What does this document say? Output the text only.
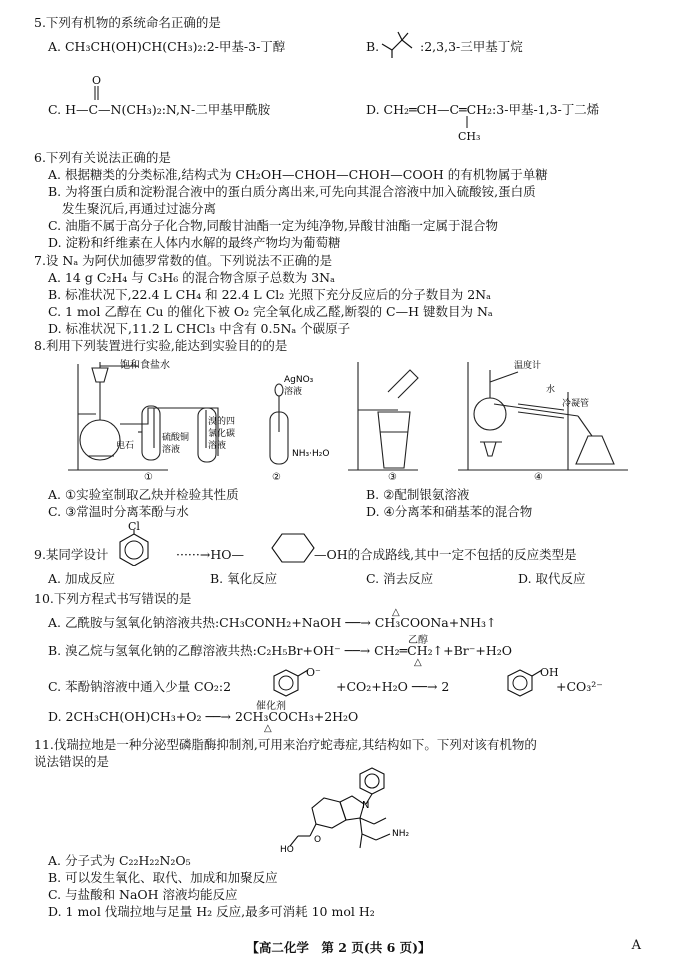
5.下列有机物的系统命名正确的是
A. CH₃CH(OH)CH(CH₃)₂:2-甲基-3-丁醇	B.	:2,3,3-三甲基丁烷
O
C. H—C—N(CH₃)₂:N,N-二甲基甲酰胺	D. CH₂═CH—C═CH₂:3-甲基-1,3-丁二烯
CH₃
6.下列有关说法正确的是
A. 根据糖类的分类标准,结构式为 CH₂OH—CHOH—CHOH—COOH 的有机物属于单糖
B. 为将蛋白质和淀粉混合液中的蛋白质分离出来,可先向其混合溶液中加入硫酸铵,蛋白质
发生聚沉后,再通过过滤分离
C. 油脂不属于高分子化合物,同酸甘油酯一定为纯净物,异酸甘油酯一定属于混合物
D. 淀粉和纤维素在人体内水解的最终产物均为葡萄糖
7.设 Nₐ 为阿伏加德罗常数的值。下列说法不正确的是
A. 14 g C₂H₄ 与 C₃H₆ 的混合物含原子总数为 3Nₐ
B. 标准状况下,22.4 L CH₄ 和 22.4 L Cl₂ 光照下充分反应后的分子数目为 2Nₐ
C. 1 mol 乙醇在 Cu 的催化下被 O₂ 完全氧化成乙醛,断裂的 C—H 键数目为 Nₐ
D. 标准状况下,11.2 L CHCl₃ 中含有 0.5Nₐ 个碳原子
8.利用下列装置进行实验,能达到实验目的的是
饱和食盐水
电石
硫酸铜
溶液
溴的四
氯化碳
溶液
AgNO₃
溶液
NH₃·H₂O
温度计
水
冷凝管
①	②	③	④
A. ①实验室制取乙炔并检验其性质	B. ②配制银氨溶液
C. ③常温时分离苯酚与水	D. ④分离苯和硝基苯的混合物
Cl
9.某同学设计	······→HO—	—OH的合成路线,其中一定不包括的反应类型是
A. 加成反应	B. 氧化反应	C. 消去反应	D. 取代反应
10.下列方程式书写错误的是
△
A. 乙酰胺与氢氧化钠溶液共热:CH₃CONH₂+NaOH ──→ CH₃COONa+NH₃↑
乙醇
B. 溴乙烷与氢氧化钠的乙醇溶液共热:C₂H₅Br+OH⁻ ──→ CH₂═CH₂↑+Br⁻+H₂O
△
C. 苯酚钠溶液中通入少量 CO₂:2
O⁻
+CO₂+H₂O ──→ 2
OH
+CO₃²⁻
催化剂
D. 2CH₃CH(OH)CH₃+O₂ ──→ 2CH₃COCH₃+2H₂O
△
11.伐瑞拉地是一种分泌型磷脂酶抑制剂,可用来治疗蛇毒症,其结构如下。下列对该有机物的
说法错误的是
N
NH₂
HO
O
A. 分子式为 C₂₂H₂₂N₂O₅
B. 可以发生氧化、取代、加成和加聚反应
C. 与盐酸和 NaOH 溶液均能反应
D. 1 mol 伐瑞拉地与足量 H₂ 反应,最多可消耗 10 mol H₂
【高二化学　第 2 页(共 6 页)】	A
